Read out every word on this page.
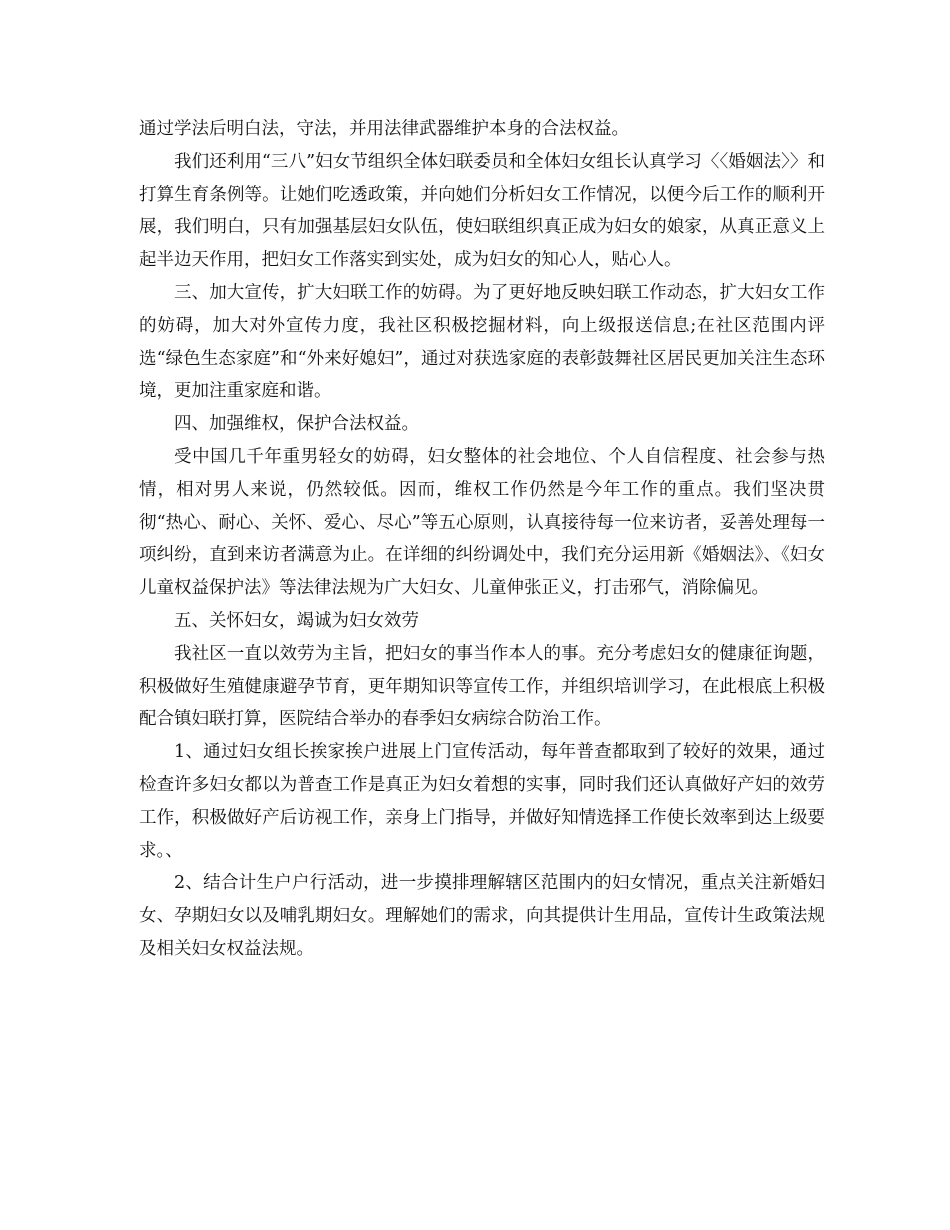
通过学法后明白法，守法，并用法律武器维护本身的合法权益。

我们还利用“三八”妇女节组织全体妇联委员和全体妇女组长认真学习〈〈婚姻法〉〉和打算生育条例等。让她们吃透政策，并向她们分析妇女工作情况，以便今后工作的顺利开展，我们明白，只有加强基层妇女队伍，使妇联组织真正成为妇女的娘家，从真正意义上起半边天作用，把妇女工作落实到实处，成为妇女的知心人，贴心人。

三、加大宣传，扩大妇联工作的妨碍。为了更好地反映妇联工作动态，扩大妇女工作的妨碍，加大对外宣传力度，我社区积极挖掘材料，向上级报送信息;在社区范围内评选“绿色生态家庭”和“外来好媳妇”，通过对获选家庭的表彰鼓舞社区居民更加关注生态环境，更加注重家庭和谐。

四、加强维权，保护合法权益。

受中国几千年重男轻女的妨碍，妇女整体的社会地位、个人自信程度、社会参与热情，相对男人来说，仍然较低。因而，维权工作仍然是今年工作的重点。我们坚决贯彻“热心、耐心、关怀、爱心、尽心”等五心原则，认真接待每一位来访者，妥善处理每一项纠纷，直到来访者满意为止。在详细的纠纷调处中，我们充分运用新《婚姻法》、《妇女儿童权益保护法》等法律法规为广大妇女、儿童伸张正义，打击邪气，消除偏见。

五、关怀妇女，竭诚为妇女效劳

我社区一直以效劳为主旨，把妇女的事当作本人的事。充分考虑妇女的健康征询题，积极做好生殖健康避孕节育，更年期知识等宣传工作，并组织培训学习，在此根底上积极配合镇妇联打算，医院结合举办的春季妇女病综合防治工作。

1、通过妇女组长挨家挨户进展上门宣传活动，每年普查都取到了较好的效果，通过检查许多妇女都以为普查工作是真正为妇女着想的实事，同时我们还认真做好产妇的效劳工作，积极做好产后访视工作，亲身上门指导，并做好知情选择工作使长效率到达上级要求。、

2、结合计生户户行活动，进一步摸排理解辖区范围内的妇女情况，重点关注新婚妇女、孕期妇女以及哺乳期妇女。理解她们的需求，向其提供计生用品，宣传计生政策法规及相关妇女权益法规。
